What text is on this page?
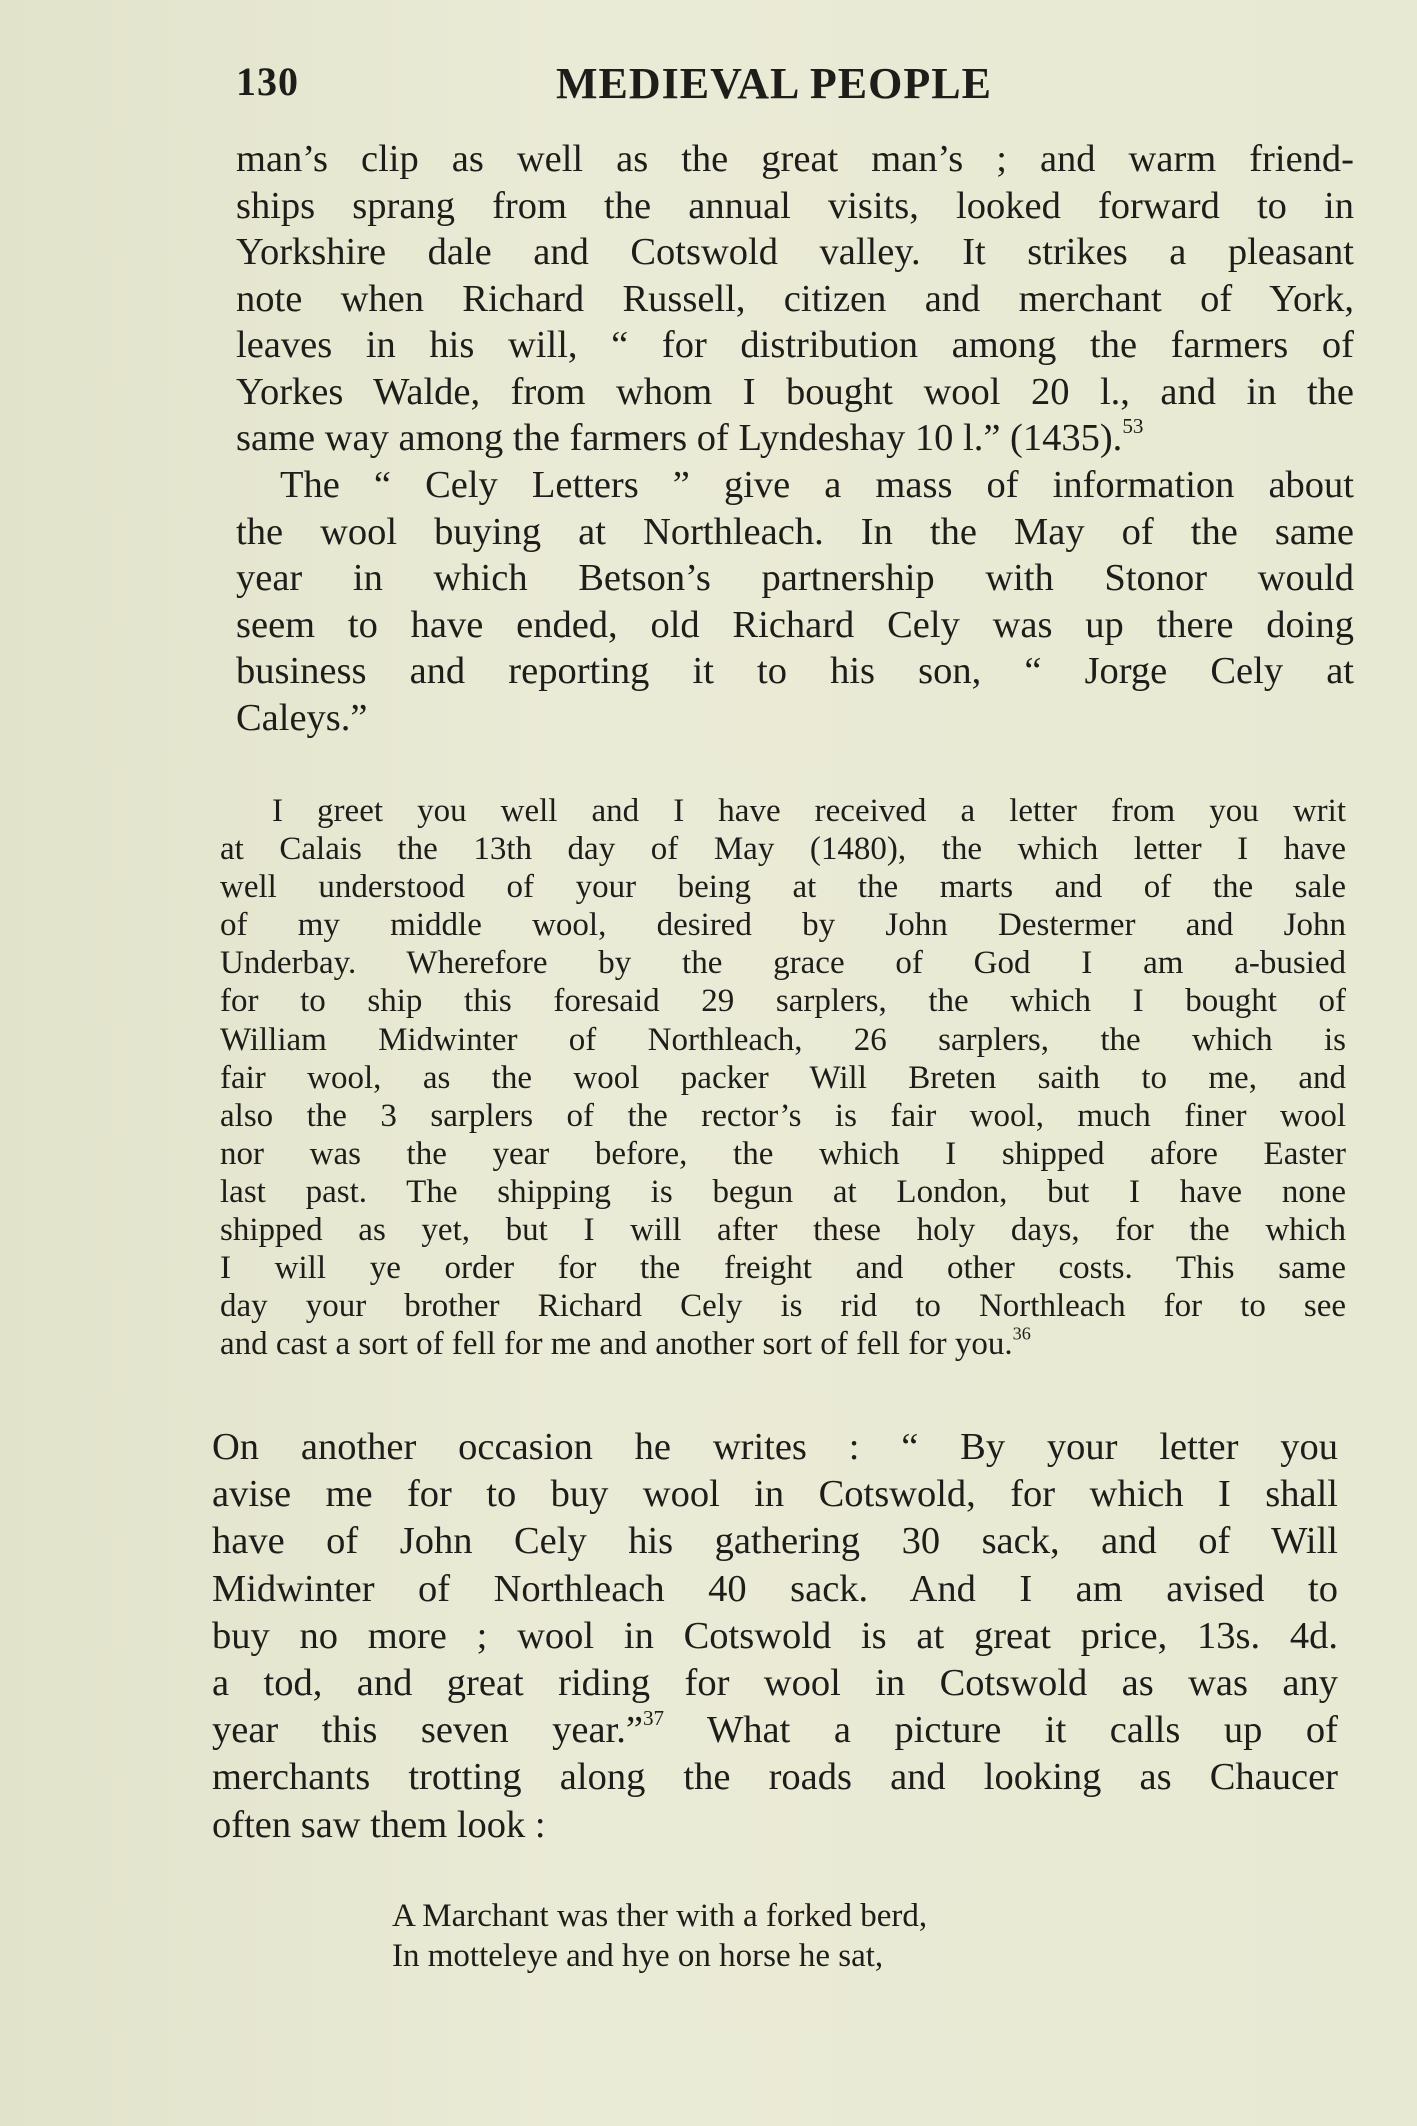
130	MEDIEVAL PEOPLE
man’s clip as well as the great man’s ; and warm friend-
ships sprang from the annual visits, looked forward to in
Yorkshire dale and Cotswold valley. It strikes a pleasant
note when Richard Russell, citizen and merchant of York,
leaves in his will, “ for distribution among the farmers of
Yorkes Walde, from whom I bought wool 20 l., and in the
same way among the farmers of Lyndeshay 10 l.” (1435).$^{53}$
The “ Cely Letters ” give a mass of information about
the wool buying at Northleach. In the May of the same
year in which Betson’s partnership with Stonor would
seem to have ended, old Richard Cely was up there doing
business and reporting it to his son, “ Jorge Cely at
Caleys.”
I greet you well and I have received a letter from you writ
at Calais the 13th day of May (1480), the which letter I have
well understood of your being at the marts and of the sale
of my middle wool, desired by John Destermer and John
Underbay. Wherefore by the grace of God I am a-busied
for to ship this foresaid 29 sarplers, the which I bought of
William Midwinter of Northleach, 26 sarplers, the which is
fair wool, as the wool packer Will Breten saith to me, and
also the 3 sarplers of the rector’s is fair wool, much finer wool
nor was the year before, the which I shipped afore Easter
last past. The shipping is begun at London, but I have none
shipped as yet, but I will after these holy days, for the which
I will ye order for the freight and other costs. This same
day your brother Richard Cely is rid to Northleach for to see
and cast a sort of fell for me and another sort of fell for you.$^{36}$
On another occasion he writes : “ By your letter you
avise me for to buy wool in Cotswold, for which I shall
have of John Cely his gathering 30 sack, and of Will
Midwinter of Northleach 40 sack. And I am avised to
buy no more ; wool in Cotswold is at great price, 13s. 4d.
a tod, and great riding for wool in Cotswold as was any
year this seven year.”$^{37}$ What a picture it calls up of
merchants trotting along the roads and looking as Chaucer
often saw them look :
A Marchant was ther with a forked berd,
In motteleye and hye on horse he sat,
